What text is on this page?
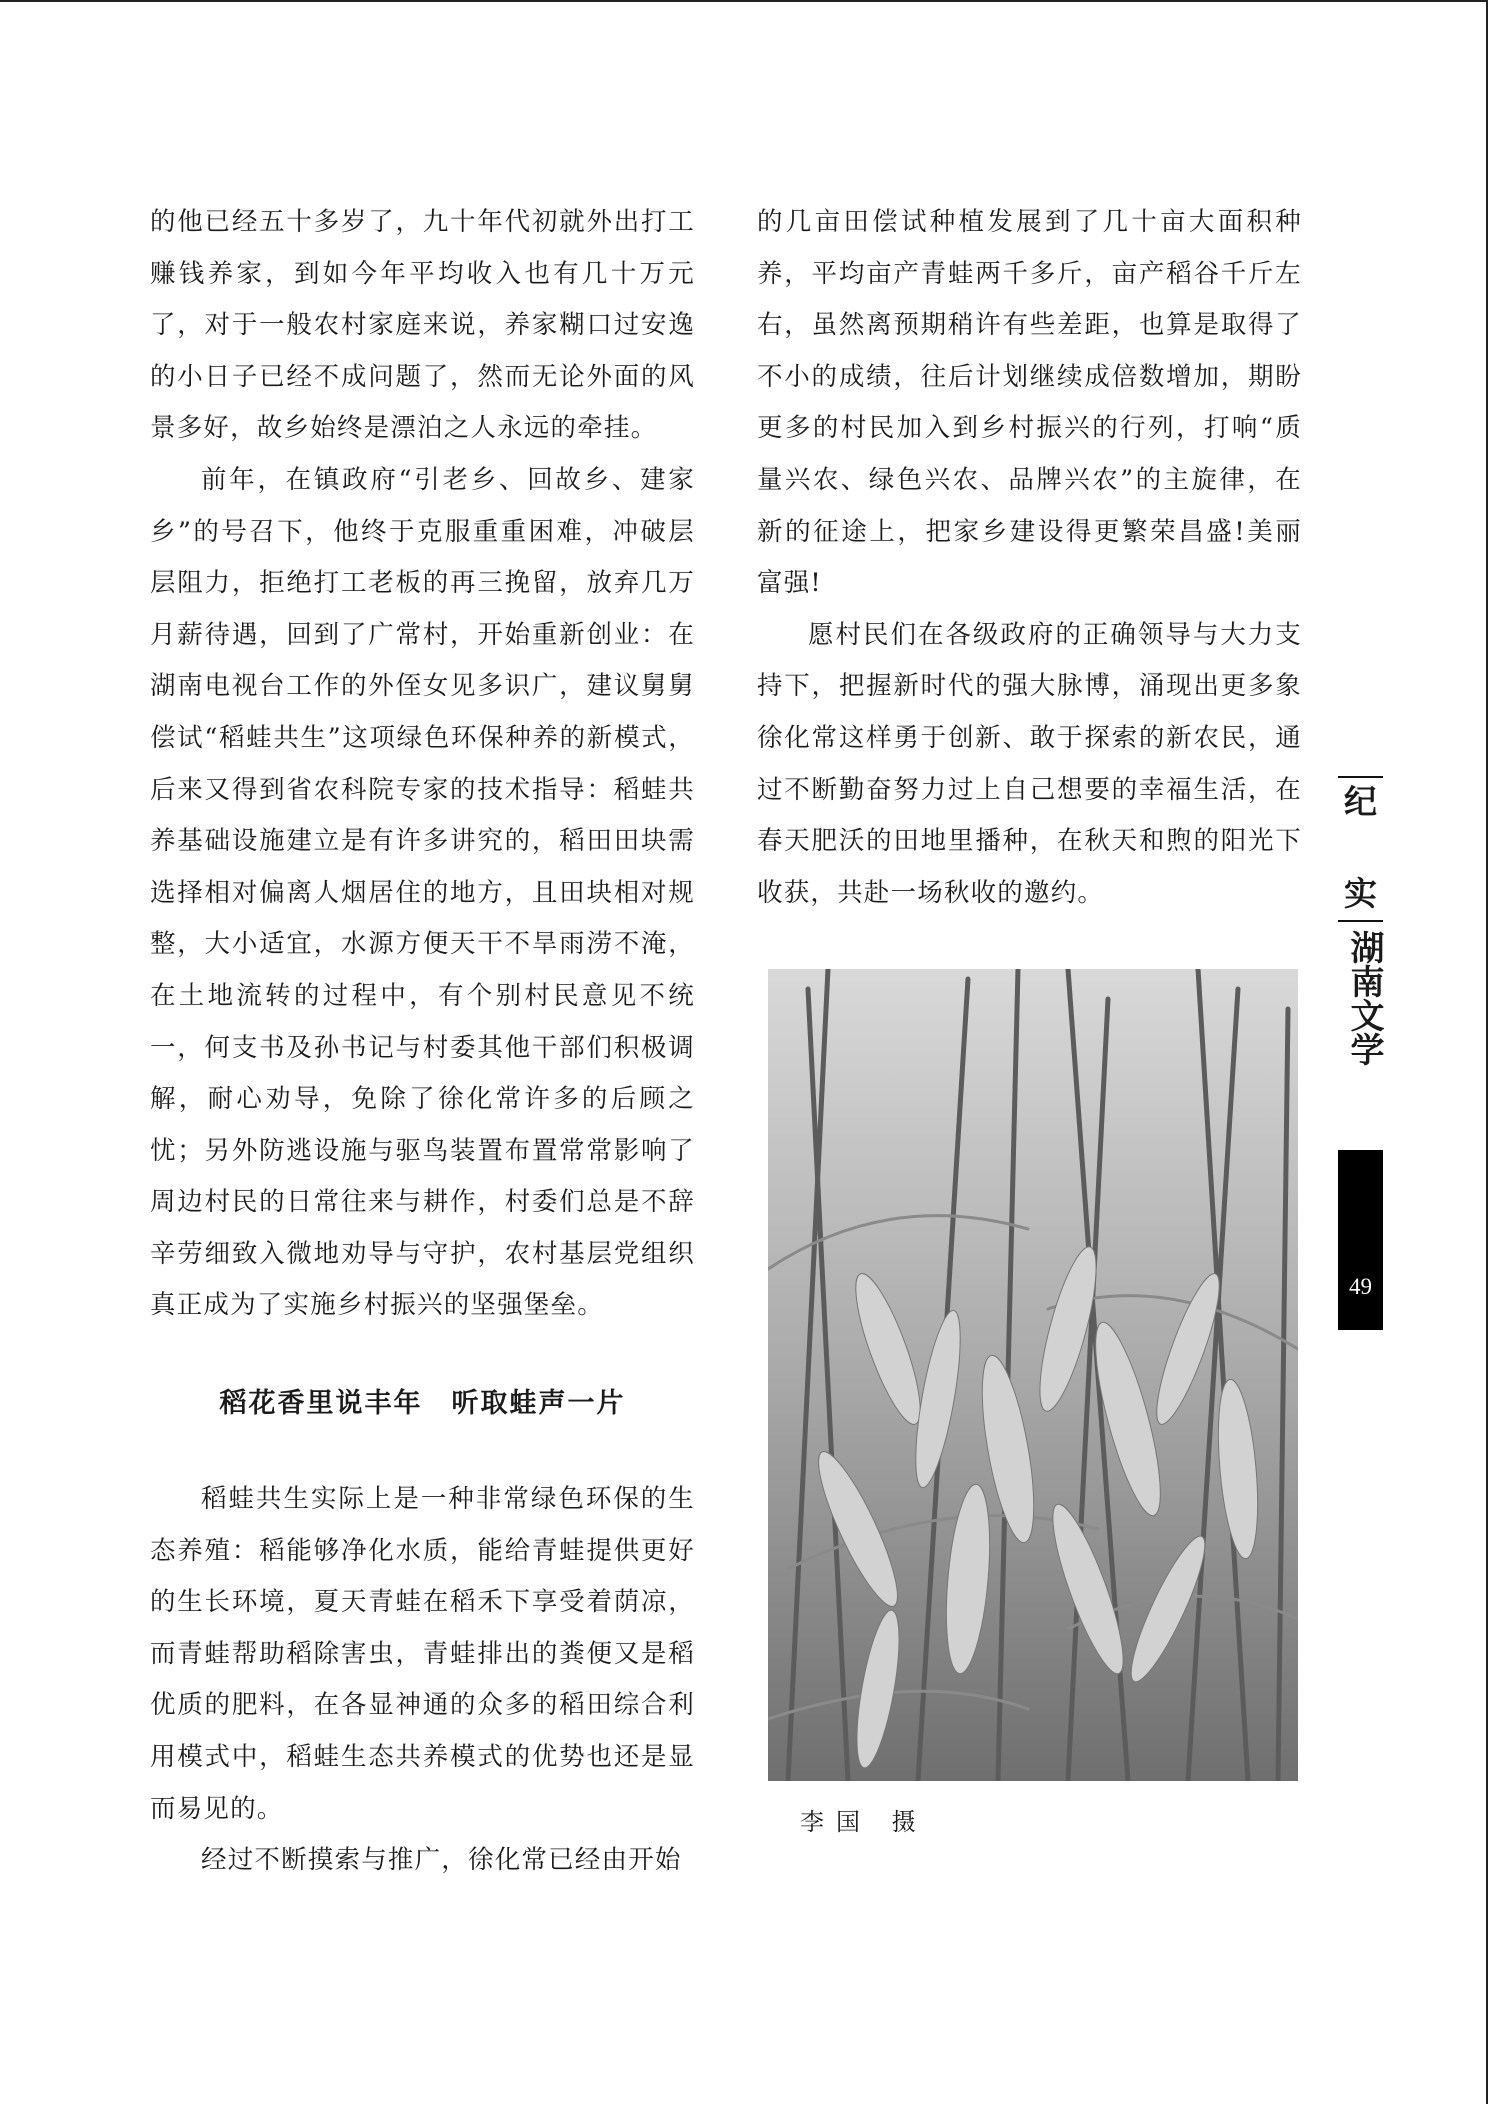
的他已经五十多岁了，九十年代初就外出打工赚钱养家，到如今年平均收入也有几十万元了，对于一般农村家庭来说，养家糊口过安逸的小日子已经不成问题了，然而无论外面的风景多好，故乡始终是漂泊之人永远的牵挂。

前年，在镇政府“引老乡、回故乡、建家乡”的号召下，他终于克服重重困难，冲破层层阻力，拒绝打工老板的再三挽留，放弃几万月薪待遇，回到了广常村，开始重新创业：在湖南电视台工作的外侄女见多识广，建议舅舅偿试“稻蛙共生”这项绿色环保种养的新模式，后来又得到省农科院专家的技术指导：稻蛙共养基础设施建立是有许多讲究的，稻田田块需选择相对偏离人烟居住的地方，且田块相对规整，大小适宜，水源方便天干不旱雨涝不淹，在土地流转的过程中，有个别村民意见不统一，何支书及孙书记与村委其他干部们积极调解，耐心劝导，免除了徐化常许多的后顾之忧；另外防逃设施与驱鸟装置布置常常影响了周边村民的日常往来与耕作，村委们总是不辞辛劳细致入微地劝导与守护，农村基层党组织真正成为了实施乡村振兴的坚强堡垒。

稻花香里说丰年　听取蛙声一片

稻蛙共生实际上是一种非常绿色环保的生态养殖：稻能够净化水质，能给青蛙提供更好的生长环境，夏天青蛙在稻禾下享受着荫凉，而青蛙帮助稻除害虫，青蛙排出的粪便又是稻优质的肥料，在各显神通的众多的稻田综合利用模式中，稻蛙生态共养模式的优势也还是显而易见的。

经过不断摸索与推广，徐化常已经由开始

的几亩田偿试种植发展到了几十亩大面积种养，平均亩产青蛙两千多斤，亩产稻谷千斤左右，虽然离预期稍许有些差距，也算是取得了不小的成绩，往后计划继续成倍数增加，期盼更多的村民加入到乡村振兴的行列，打响“质量兴农、绿色兴农、品牌兴农”的主旋律，在新的征途上，把家乡建设得更繁荣昌盛!美丽富强!

愿村民们在各级政府的正确领导与大力支持下，把握新时代的强大脉博，涌现出更多象徐化常这样勇于创新、敢于探索的新农民，通过不断勤奋努力过上自己想要的幸福生活，在春天肥沃的田地里播种，在秋天和煦的阳光下收获，共赴一场秋收的邀约。

李国 摄
纪
实
湖南文学
49
